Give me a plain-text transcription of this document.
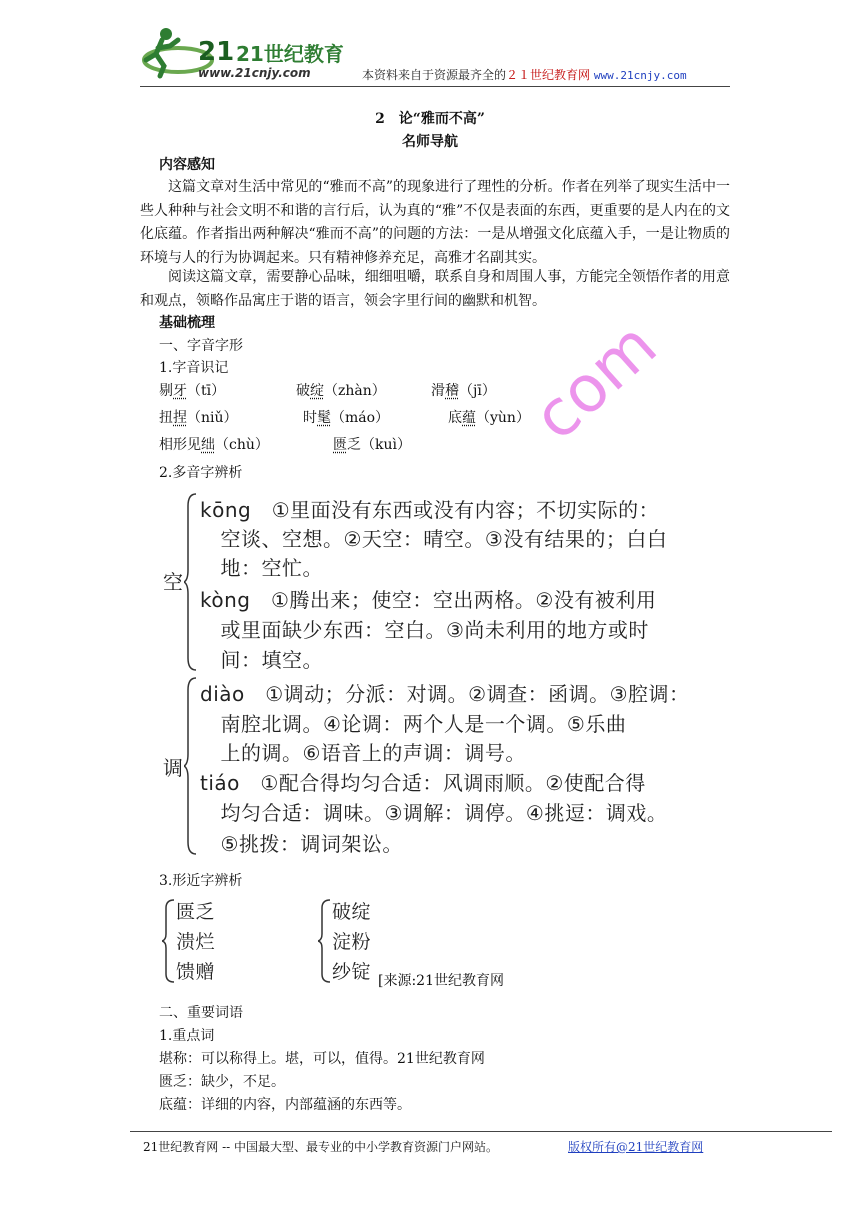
21 21世纪教育
www.21cnjy.com	本资料来自于资源最齐全的２１世纪教育网 www.21cnjy.com
com
2　论“雅而不高”
名师导航
内容感知
这篇文章对生活中常见的“雅而不高”的现象进行了理性的分析。作者在列举了现实生活中一些人种种与社会文明不和谐的言行后，认为真的“雅”不仅是表面的东西，更重要的是人内在的文化底蕴。作者指出两种解决“雅而不高”的问题的方法：一是从增强文化底蕴入手，一是让物质的环境与人的行为协调起来。只有精神修养充足，高雅才名副其实。
阅读这篇文章，需要静心品味，细细咀嚼，联系自身和周围人事，方能完全领悟作者的用意和观点，领略作品寓庄于谐的语言，领会字里行间的幽默和机智。
基础梳理
一、字音字形
1.字音识记
剔牙（tī）	破绽（zhàn）	滑稽（jī）
扭捏（niǔ）	时髦（máo）	底蕴（yùn）
相形见绌（chù）	匮乏（kuì）
2.多音字辨析
空
kōng　①里面没有东西或没有内容；不切实际的：
　空谈、空想。②天空：晴空。③没有结果的；白白
　地：空忙。
kòng　①腾出来；使空：空出两格。②没有被利用
　或里面缺少东西：空白。③尚未利用的地方或时
　间：填空。
调
diào　①调动；分派：对调。②调查：函调。③腔调：
　南腔北调。④论调：两个人是一个调。⑤乐曲
　上的调。⑥语音上的声调：调号。
tiáo　①配合得均匀合适：风调雨顺。②使配合得
　均匀合适：调味。③调解：调停。④挑逗：调戏。
　⑤挑拨：调词架讼。
3.形近字辨析
匮乏
溃烂
馈赠
破绽
淀粉
纱锭 [来源:21世纪教育网
二、重要词语
1.重点词
堪称：可以称得上。堪，可以，值得。21世纪教育网
匮乏：缺少，不足。
底蕴：详细的内容，内部蕴涵的东西等。
21世纪教育网 -- 中国最大型、最专业的中小学教育资源门户网站。	版权所有@21世纪教育网
